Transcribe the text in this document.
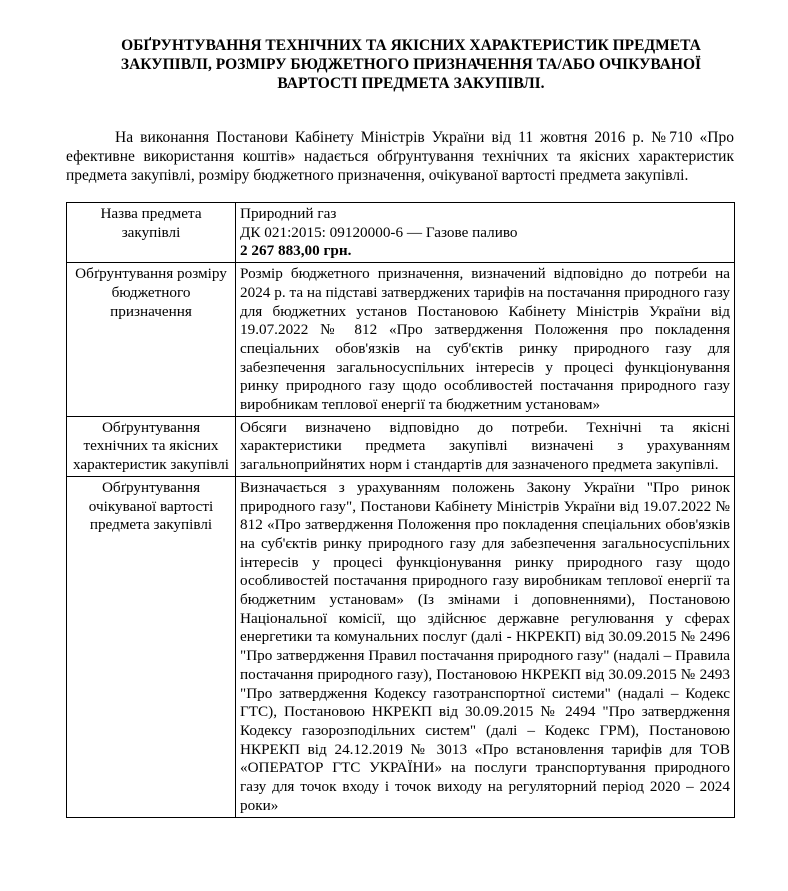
ОБҐРУНТУВАННЯ ТЕХНІЧНИХ ТА ЯКІСНИХ ХАРАКТЕРИСТИК ПРЕДМЕТА
ЗАКУПІВЛІ, РОЗМІРУ БЮДЖЕТНОГО ПРИЗНАЧЕННЯ ТА/АБО ОЧІКУВАНОЇ
ВАРТОСТІ ПРЕДМЕТА ЗАКУПІВЛІ.
На виконання Постанови Кабінету Міністрів України від 11 жовтня 2016 р. №710 «Про ефективне використання коштів» надається обґрунтування технічних та якісних характеристик предмета закупівлі, розміру бюджетного призначення, очікуваної вартості предмета закупівлі.
Назва предмета закупівлі	Природний газ
ДК 021:2015: 09120000-6 — Газове паливо
2 267 883,00 грн.

Обґрунтування розміру бюджетного призначення	Розмір бюджетного призначення, визначений відповідно до потреби на 2024 р. та на підставі затверджених тарифів на постачання природного газу для бюджетних установ Постановою Кабінету Міністрів України від 19.07.2022 № 812 «Про затвердження Положення про покладення спеціальних обов'язків на суб'єктів ринку природного газу для забезпечення загальносуспільних інтересів у процесі функціонування ринку природного газу щодо особливостей постачання природного газу виробникам теплової енергії та бюджетним установам»
Обґрунтування технічних та якісних характеристик закупівлі	Обсяги визначено відповідно до потреби. Технічні та якісні характеристики предмета закупівлі визначені з урахуванням загальноприйнятих норм і стандартів для зазначеного предмета закупівлі.
Обґрунтування очікуваної вартості предмета закупівлі	Визначається з урахуванням положень Закону України "Про ринок природного газу", Постанови Кабінету Міністрів України від 19.07.2022 № 812 «Про затвердження Положення про покладення спеціальних обов'язків на суб'єктів ринку природного газу для забезпечення загальносуспільних інтересів у процесі функціонування ринку природного газу щодо особливостей постачання природного газу виробникам теплової енергії та бюджетним установам» (Із змінами і доповненнями), Постановою Національної комісії, що здійснює державне регулювання у сферах енергетики та комунальних послуг (далі - НКРЕКП) від 30.09.2015 № 2496 "Про затвердження Правил постачання природного газу" (надалі – Правила постачання природного газу), Постановою НКРЕКП від 30.09.2015 № 2493 "Про затвердження Кодексу газотранспортної системи" (надалі – Кодекс ГТС), Постановою НКРЕКП від 30.09.2015 № 2494 "Про затвердження Кодексу газорозподільних систем" (далі – Кодекс ГРМ), Постановою НКРЕКП від 24.12.2019 № 3013 «Про встановлення тарифів для ТОВ «ОПЕРАТОР ГТС УКРАЇНИ» на послуги транспортування природного газу для точок входу і точок виходу на регуляторний період 2020 – 2024 роки»
